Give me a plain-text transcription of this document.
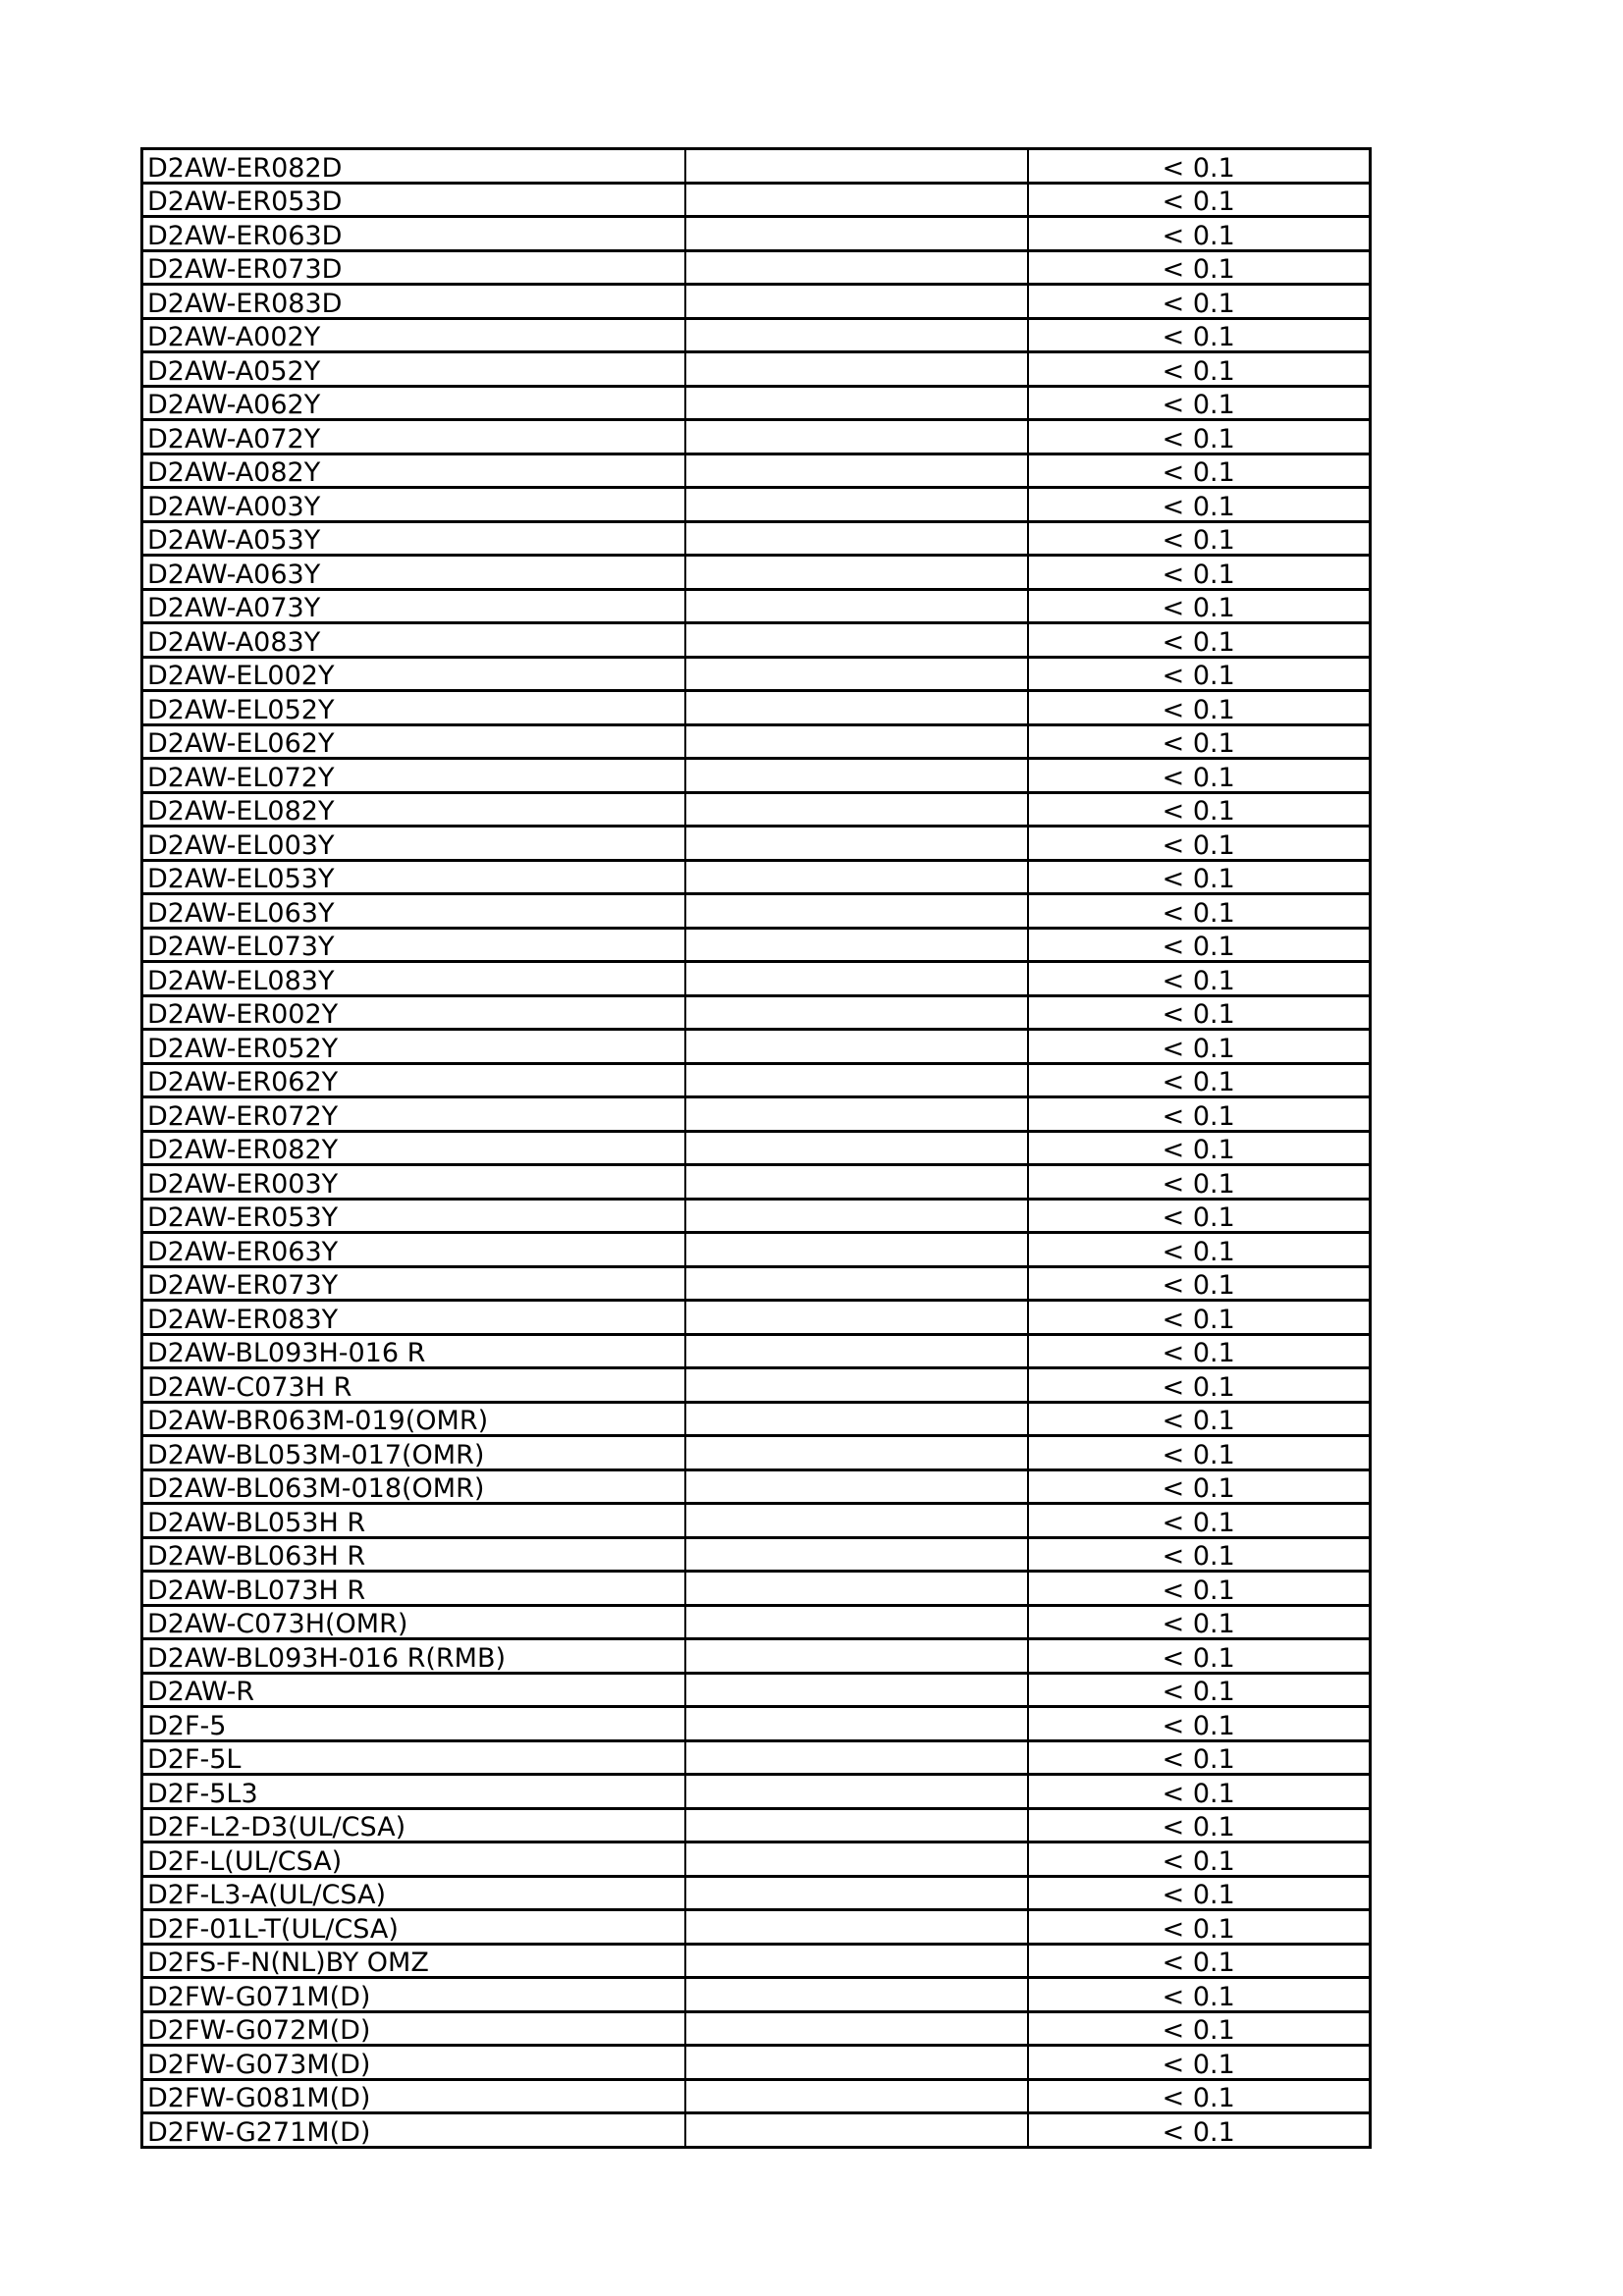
D2AW-ER082D		< 0.1
D2AW-ER053D		< 0.1
D2AW-ER063D		< 0.1
D2AW-ER073D		< 0.1
D2AW-ER083D		< 0.1
D2AW-A002Y		< 0.1
D2AW-A052Y		< 0.1
D2AW-A062Y		< 0.1
D2AW-A072Y		< 0.1
D2AW-A082Y		< 0.1
D2AW-A003Y		< 0.1
D2AW-A053Y		< 0.1
D2AW-A063Y		< 0.1
D2AW-A073Y		< 0.1
D2AW-A083Y		< 0.1
D2AW-EL002Y		< 0.1
D2AW-EL052Y		< 0.1
D2AW-EL062Y		< 0.1
D2AW-EL072Y		< 0.1
D2AW-EL082Y		< 0.1
D2AW-EL003Y		< 0.1
D2AW-EL053Y		< 0.1
D2AW-EL063Y		< 0.1
D2AW-EL073Y		< 0.1
D2AW-EL083Y		< 0.1
D2AW-ER002Y		< 0.1
D2AW-ER052Y		< 0.1
D2AW-ER062Y		< 0.1
D2AW-ER072Y		< 0.1
D2AW-ER082Y		< 0.1
D2AW-ER003Y		< 0.1
D2AW-ER053Y		< 0.1
D2AW-ER063Y		< 0.1
D2AW-ER073Y		< 0.1
D2AW-ER083Y		< 0.1
D2AW-BL093H-016 R		< 0.1
D2AW-C073H R		< 0.1
D2AW-BR063M-019(OMR)		< 0.1
D2AW-BL053M-017(OMR)		< 0.1
D2AW-BL063M-018(OMR)		< 0.1
D2AW-BL053H R		< 0.1
D2AW-BL063H R		< 0.1
D2AW-BL073H R		< 0.1
D2AW-C073H(OMR)		< 0.1
D2AW-BL093H-016 R(RMB)		< 0.1
D2AW-R		< 0.1
D2F-5		< 0.1
D2F-5L		< 0.1
D2F-5L3		< 0.1
D2F-L2-D3(UL/CSA)		< 0.1
D2F-L(UL/CSA)		< 0.1
D2F-L3-A(UL/CSA)		< 0.1
D2F-01L-T(UL/CSA)		< 0.1
D2FS-F-N(NL)BY OMZ		< 0.1
D2FW-G071M(D)		< 0.1
D2FW-G072M(D)		< 0.1
D2FW-G073M(D)		< 0.1
D2FW-G081M(D)		< 0.1
D2FW-G271M(D)		< 0.1
